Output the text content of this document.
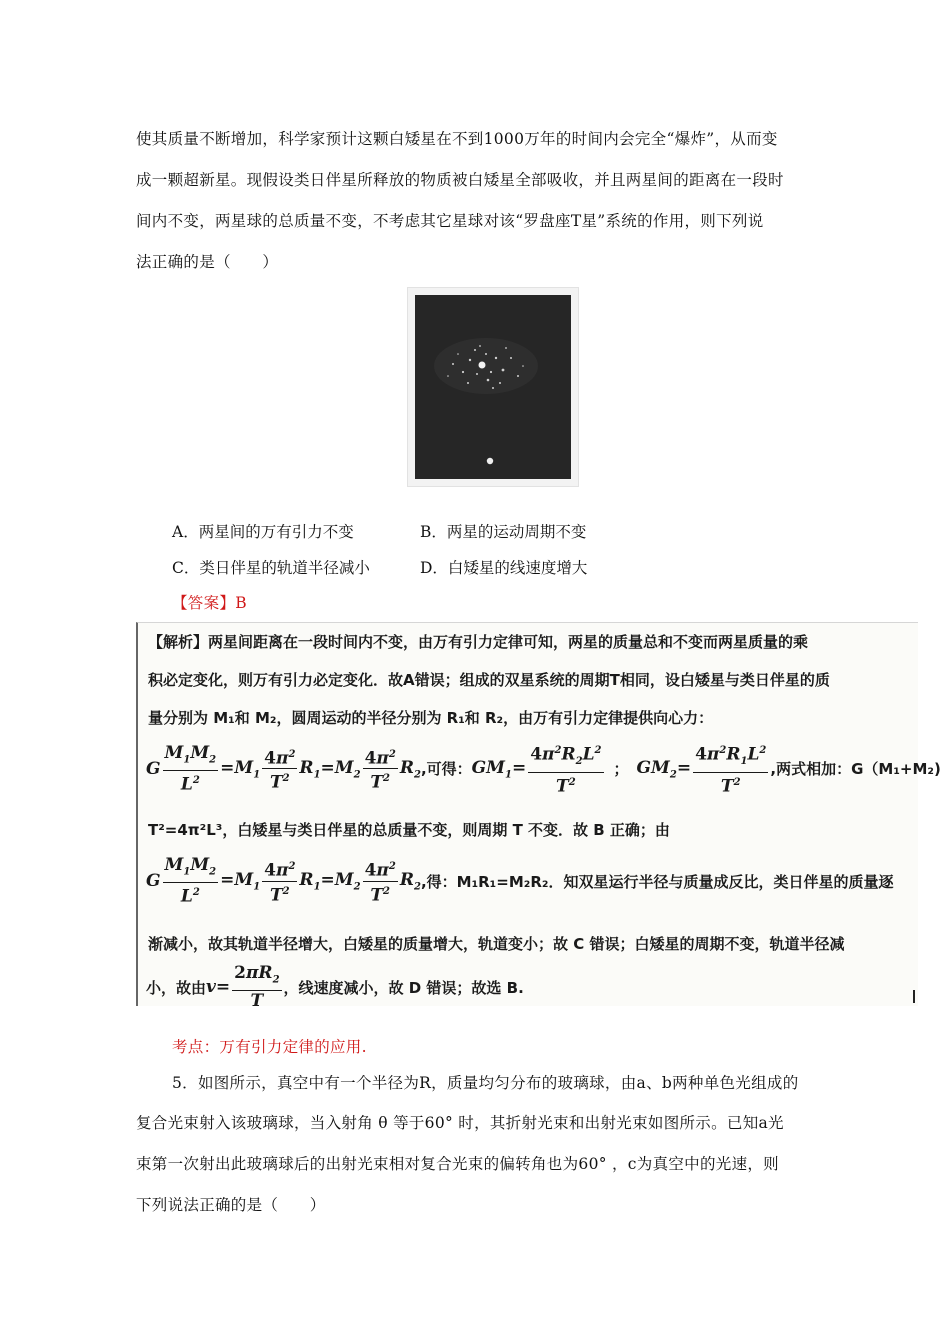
使其质量不断增加，科学家预计这颗白矮星在不到1000万年的时间内会完全“爆炸”，从而变
成一颗超新星。现假设类日伴星所释放的物质被白矮星全部吸收，并且两星间的距离在一段时
间内不变，两星球的总质量不变，不考虑其它星球对该“罗盘座T星”系统的作用，则下列说
法正确的是（　　）
A．两星间的万有引力不变	B．两星的运动周期不变
C．类日伴星的轨道半径减小	D．白矮星的线速度增大
【答案】B
【解析】两星间距离在一段时间内不变，由万有引力定律可知，两星的质量总和不变而两星质量的乘
积必定变化，则万有引力必定变化．故A错误；组成的双星系统的周期T相同，设白矮星与类日伴星的质
量分别为 M₁和 M₂，圆周运动的半径分别为 R₁和 R₂，由万有引力定律提供向心力：
G $\frac{M_1M_2}{L^2} =M_1 \frac{4\pi^2}{T^2} R_1=M_2 \frac{4\pi^2}{T^2} R_2$ ,可得： $GM_1= \frac{4\pi^2R_2L^2}{T^2}$ ； $GM_2= \frac{4\pi^2R_1L^2}{T^2}$ ,两式相加：G（M₁+M₂)
T²=4π²L³，白矮星与类日伴星的总质量不变，则周期 T 不变．故 B 正确；由
G $\frac{M_1M_2}{L^2} =M_1 \frac{4\pi^2}{T^2} R_1=M_2 \frac{4\pi^2}{T^2} R_2$ ,得：M₁R₁=M₂R₂．知双星运行半径与质量成反比，类日伴星的质量逐
渐减小，故其轨道半径增大，白矮星的质量增大，轨道变小；故 C 错误；白矮星的周期不变，轨道半径减
小，故由 $v= \frac{2\pi R_2}{T}$ ，线速度减小，故 D 错误；故选 B.
考点：万有引力定律的应用.
5．如图所示，真空中有一个半径为R，质量均匀分布的玻璃球，由a、b两种单色光组成的
复合光束射入该玻璃球，当入射角 θ 等于60° 时，其折射光束和出射光束如图所示。已知a光
束第一次射出此玻璃球后的出射光束相对复合光束的偏转角也为60° ，c为真空中的光速，则
下列说法正确的是（　　）
